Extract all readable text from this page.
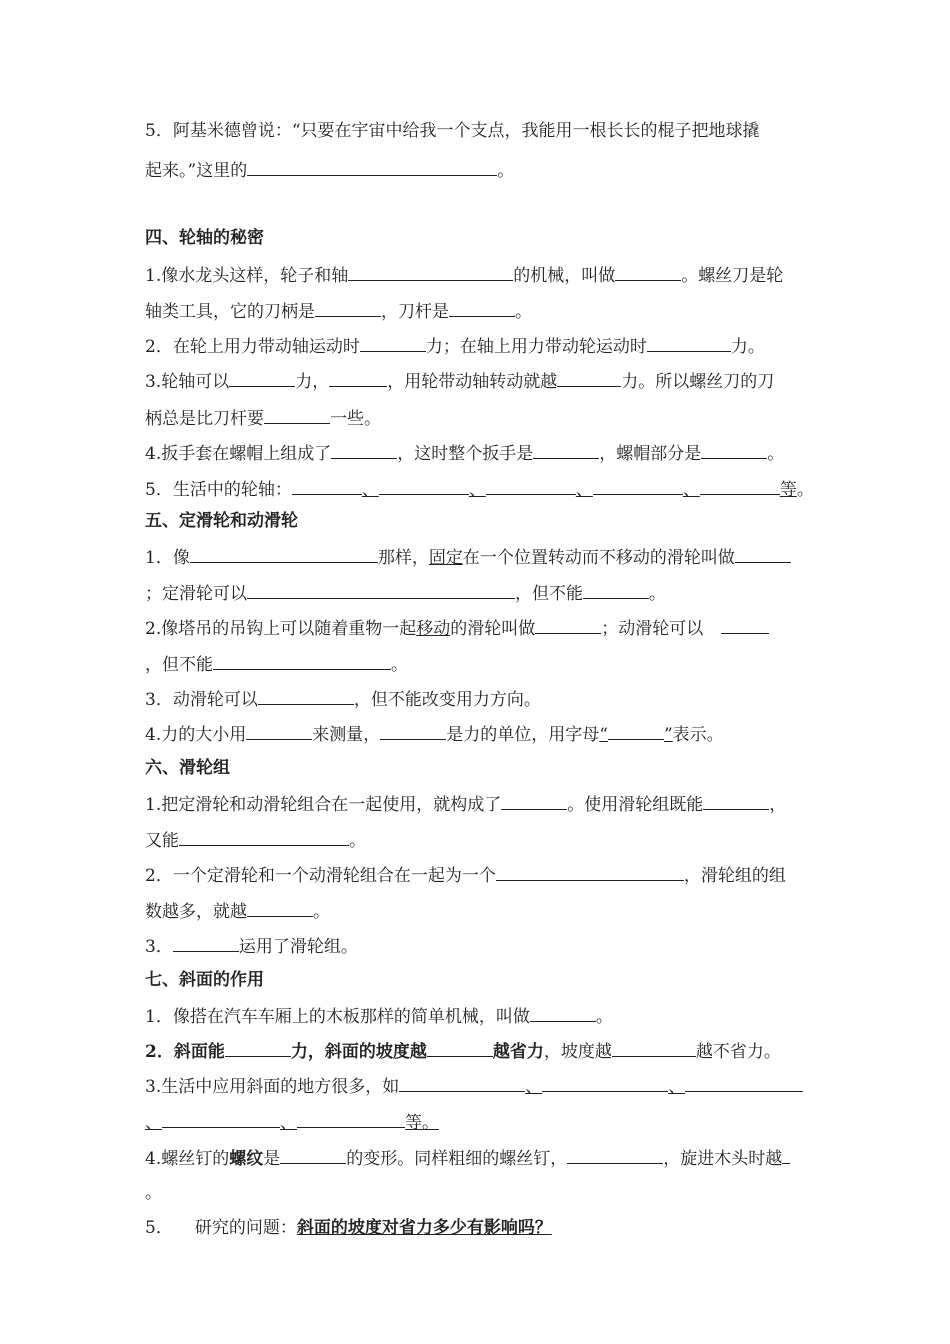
5．阿基米德曾说：“只要在宇宙中给我一个支点，我能用一根长长的棍子把地球撬
起来。”这里的	。
四、轮轴的秘密
1.像水龙头这样，轮子和轴	的机械，叫做	。螺丝刀是轮
轴类工具，它的刀柄是	，刀杆是	。
2．在轮上用力带动轴运动时	力；在轴上用力带动轮运动时	力。
3.轮轴可以	力，	，用轮带动轴转动就越	力。所以螺丝刀的刀
柄总是比刀杆要	一些。
4.扳手套在螺帽上组成了	，这时整个扳手是	，螺帽部分是	。
5．生活中的轮轴：	、	、	、	、	等。
五、定滑轮和动滑轮
1．像	那样，固定在一个位置转动而不移动的滑轮叫做
；定滑轮可以	，但不能	。
2.像塔吊的吊钩上可以随着重物一起移动的滑轮叫做	；动滑轮可以
，但不能	。
3．动滑轮可以	，但不能改变用力方向。
4.力的大小用	来测量，	是力的单位，用字母“	”表示。
六、滑轮组
1.把定滑轮和动滑轮组合在一起使用，就构成了	。使用滑轮组既能	，
又能	。
2．一个定滑轮和一个动滑轮组合在一起为一个	，滑轮组的组
数越多，就越	。
3．	运用了滑轮组。
七、斜面的作用
1．像搭在汽车车厢上的木板那样的简单机械，叫做	。
2．斜面能	力，斜面的坡度越	越省力，坡度越	越不省力。
3.生活中应用斜面的地方很多，如	、	、
、	、	等。
4.螺丝钉的螺纹是	的变形。同样粗细的螺丝钉，	，旋进木头时越
。
5． 研究的问题：斜面的坡度对省力多少有影响吗？
